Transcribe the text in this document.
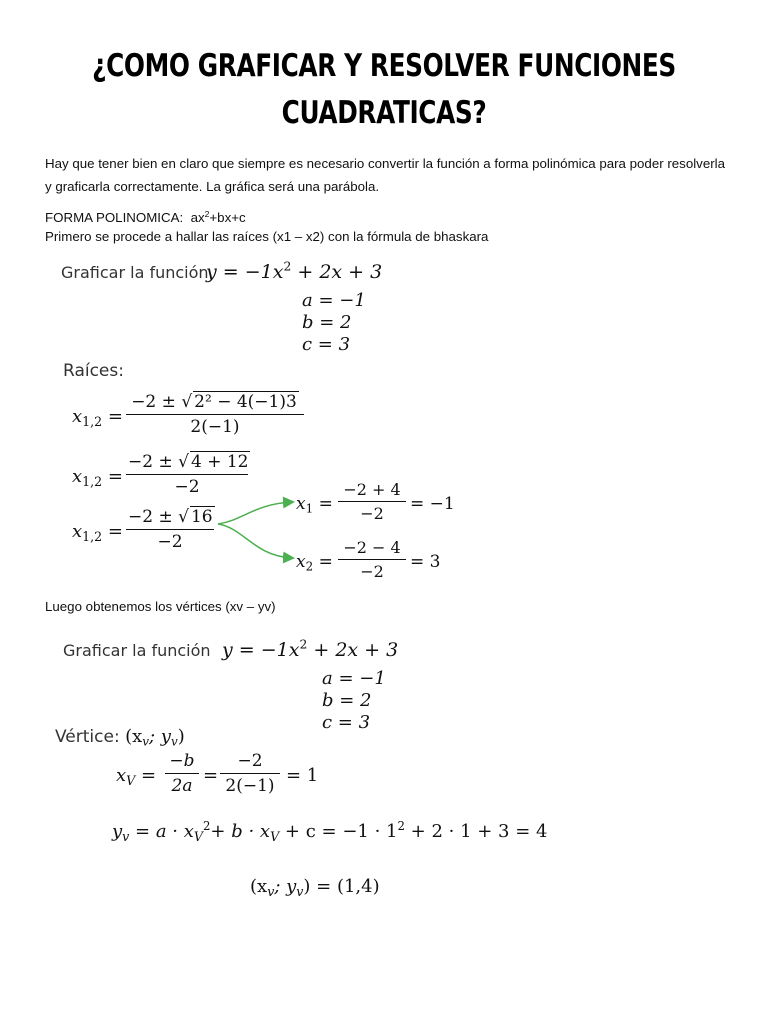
¿COMO GRAFICAR Y RESOLVER FUNCIONES
CUADRATICAS?
Hay que tener bien en claro que siempre es necesario convertir la función a forma polinómica para poder resolverla y graficarla correctamente. La gráfica será una parábola.
FORMA POLINOMICA: $ax^2+bx+c$
Primero se procede a hallar las raíces (x1 – x2) con la fórmula de bhaskara
Graficar la función
$y = -1x^2 + 2x + 3$
a = −1
b = 2
c = 3
Raíces:
$x_{1,2}$ =
−2 ± √ 2² − 4(−1)3
2(−1)
$x_{1,2}$ =
−2 ± √ 4 + 12
−2
$x_{1,2}$ =
−2 ± √ 16
−2
$x_1$ =
−2 + 4
−2	= −1
$x_2$ =
−2 − 4
−2	= 3
Luego obtenemos los vértices (xv – yv)
Graficar la función $y = -1x^2 + 2x + 3$
a = −1
b = 2
c = 3
Vértice: ($x_v$; $y_v$)
$x_V$ =
−b
2a =
−2
2(−1) = 1
$y_v = a \cdot x_V^2+ b \cdot x_V + c = -1 \cdot 1^2 + 2 \cdot 1 + 3 = 4$
($x_v$; $y_v) = (1,4)$
